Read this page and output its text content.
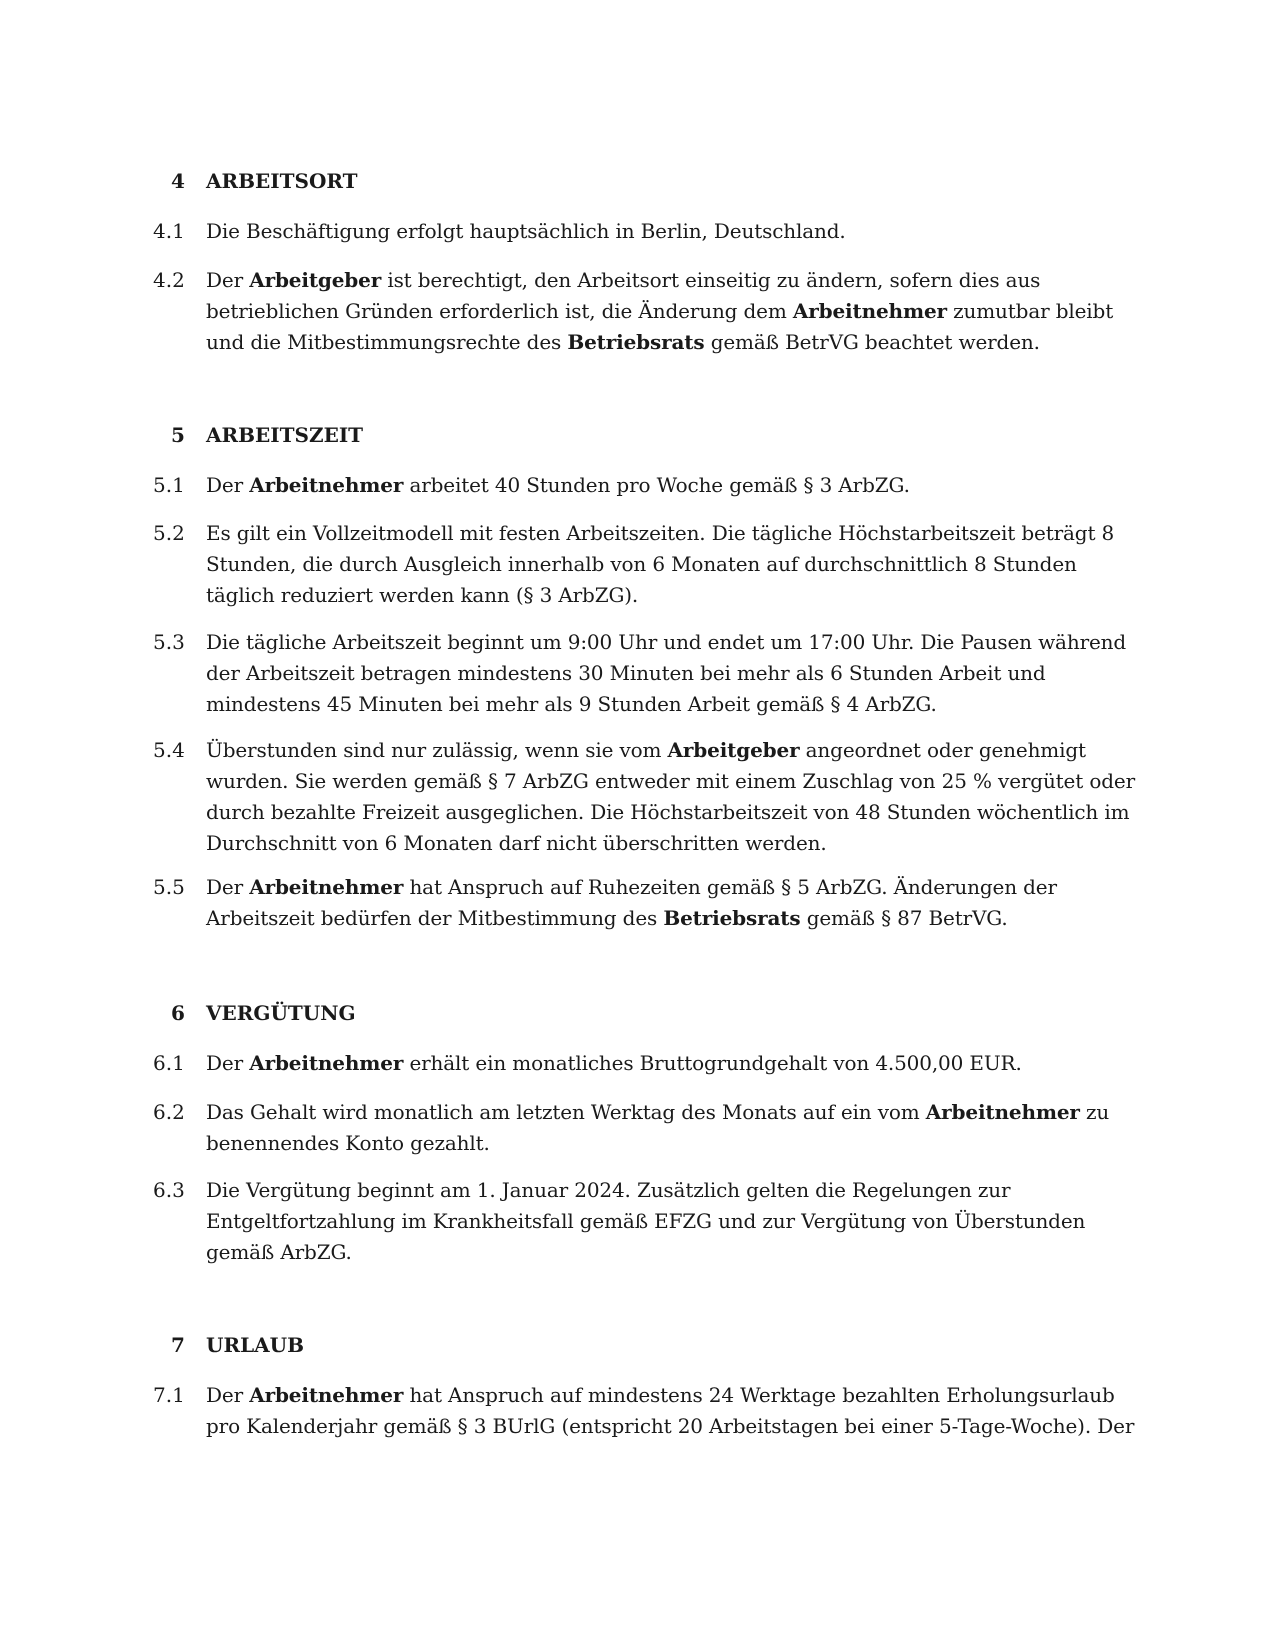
4 ARBEITSORT
4.1 Die Beschäftigung erfolgt hauptsächlich in Berlin, Deutschland.
4.2 Der Arbeitgeber ist berechtigt, den Arbeitsort einseitig zu ändern, sofern dies aus betrieblichen Gründen erforderlich ist, die Änderung dem Arbeitnehmer zumutbar bleibt und die Mitbestimmungsrechte des Betriebsrats gemäß BetrVG beachtet werden.
5 ARBEITSZEIT
5.1 Der Arbeitnehmer arbeitet 40 Stunden pro Woche gemäß § 3 ArbZG.
5.2 Es gilt ein Vollzeitmodell mit festen Arbeitszeiten. Die tägliche Höchstarbeitszeit beträgt 8 Stunden, die durch Ausgleich innerhalb von 6 Monaten auf durchschnittlich 8 Stunden täglich reduziert werden kann (§ 3 ArbZG).
5.3 Die tägliche Arbeitszeit beginnt um 9:00 Uhr und endet um 17:00 Uhr. Die Pausen während der Arbeitszeit betragen mindestens 30 Minuten bei mehr als 6 Stunden Arbeit und mindestens 45 Minuten bei mehr als 9 Stunden Arbeit gemäß § 4 ArbZG.
5.4 Überstunden sind nur zulässig, wenn sie vom Arbeitgeber angeordnet oder genehmigt wurden. Sie werden gemäß § 7 ArbZG entweder mit einem Zuschlag von 25 % vergütet oder durch bezahlte Freizeit ausgeglichen. Die Höchstarbeitszeit von 48 Stunden wöchentlich im Durchschnitt von 6 Monaten darf nicht überschritten werden.
5.5 Der Arbeitnehmer hat Anspruch auf Ruhezeiten gemäß § 5 ArbZG. Änderungen der Arbeitszeit bedürfen der Mitbestimmung des Betriebsrats gemäß § 87 BetrVG.
6 VERGÜTUNG
6.1 Der Arbeitnehmer erhält ein monatliches Bruttogrundgehalt von 4.500,00 EUR.
6.2 Das Gehalt wird monatlich am letzten Werktag des Monats auf ein vom Arbeitnehmer zu benennendes Konto gezahlt.
6.3 Die Vergütung beginnt am 1. Januar 2024. Zusätzlich gelten die Regelungen zur Entgeltfortzahlung im Krankheitsfall gemäß EFZG und zur Vergütung von Überstunden gemäß ArbZG.
7 URLAUB
7.1 Der Arbeitnehmer hat Anspruch auf mindestens 24 Werktage bezahlten Erholungsurlaub pro Kalenderjahr gemäß § 3 BUrlG (entspricht 20 Arbeitstagen bei einer 5-Tage-Woche). Der
